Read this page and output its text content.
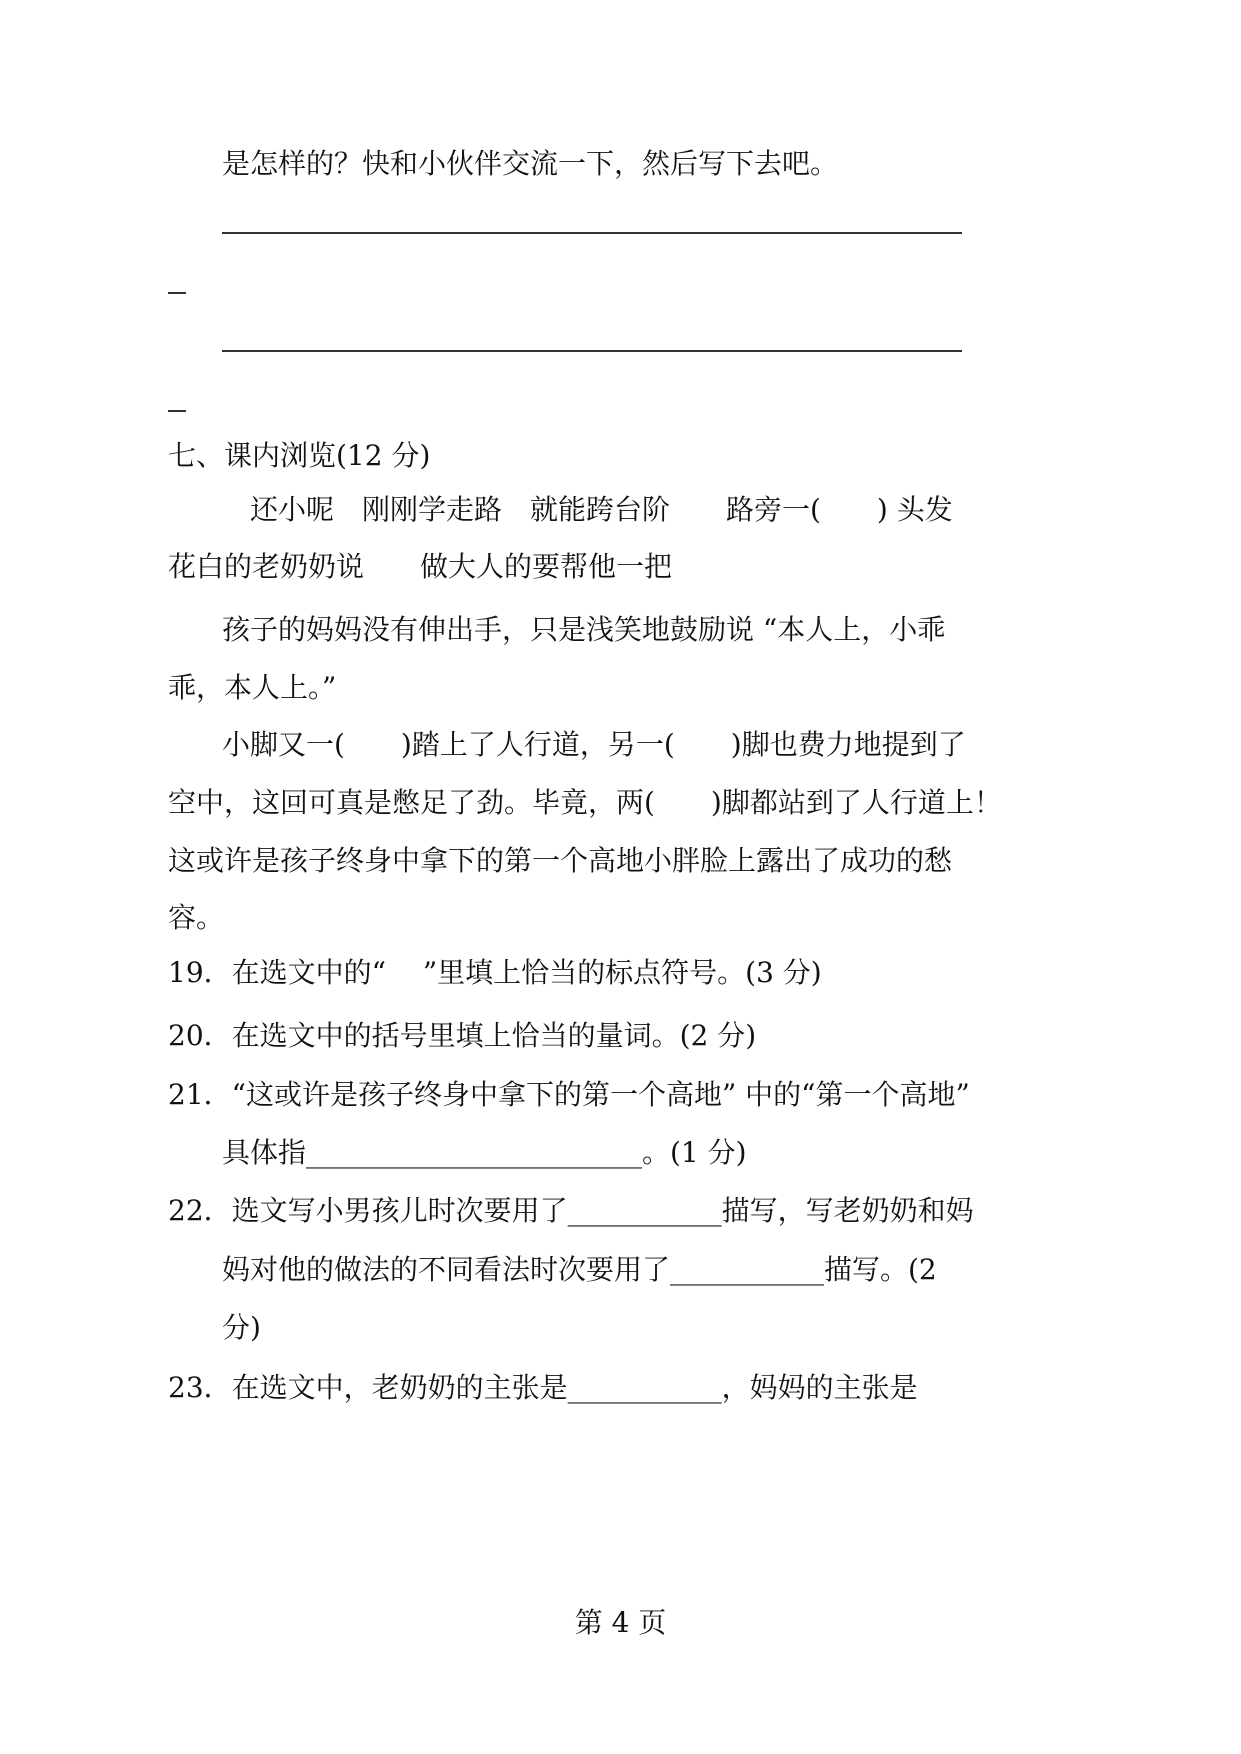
是怎样的？快和小伙伴交流一下，然后写下去吧。
七、课内浏览(12 分)
还小呢　刚刚学走路　就能跨台阶　　路旁一(　　) 头发
花白的老奶奶说　　做大人的要帮他一把
孩子的妈妈没有伸出手，只是浅笑地鼓励说 “本人上，小乖
乖，本人上。”
小脚又一(　　)踏上了人行道，另一(　　)脚也费力地提到了
空中，这回可真是憋足了劲。毕竟，两(　　)脚都站到了人行道上！
这或许是孩子终身中拿下的第一个高地小胖脸上露出了成功的愁
容。
19．在选文中的“　 ”里填上恰当的标点符号。(3 分)
20．在选文中的括号里填上恰当的量词。(2 分)
21．“这或许是孩子终身中拿下的第一个高地” 中的“第一个高地”
具体指________________________。(1 分)
22．选文写小男孩儿时次要用了___________描写，写老奶奶和妈
妈对他的做法的不同看法时次要用了___________描写。(2
分)
23．在选文中，老奶奶的主张是___________，妈妈的主张是
第 4 页
